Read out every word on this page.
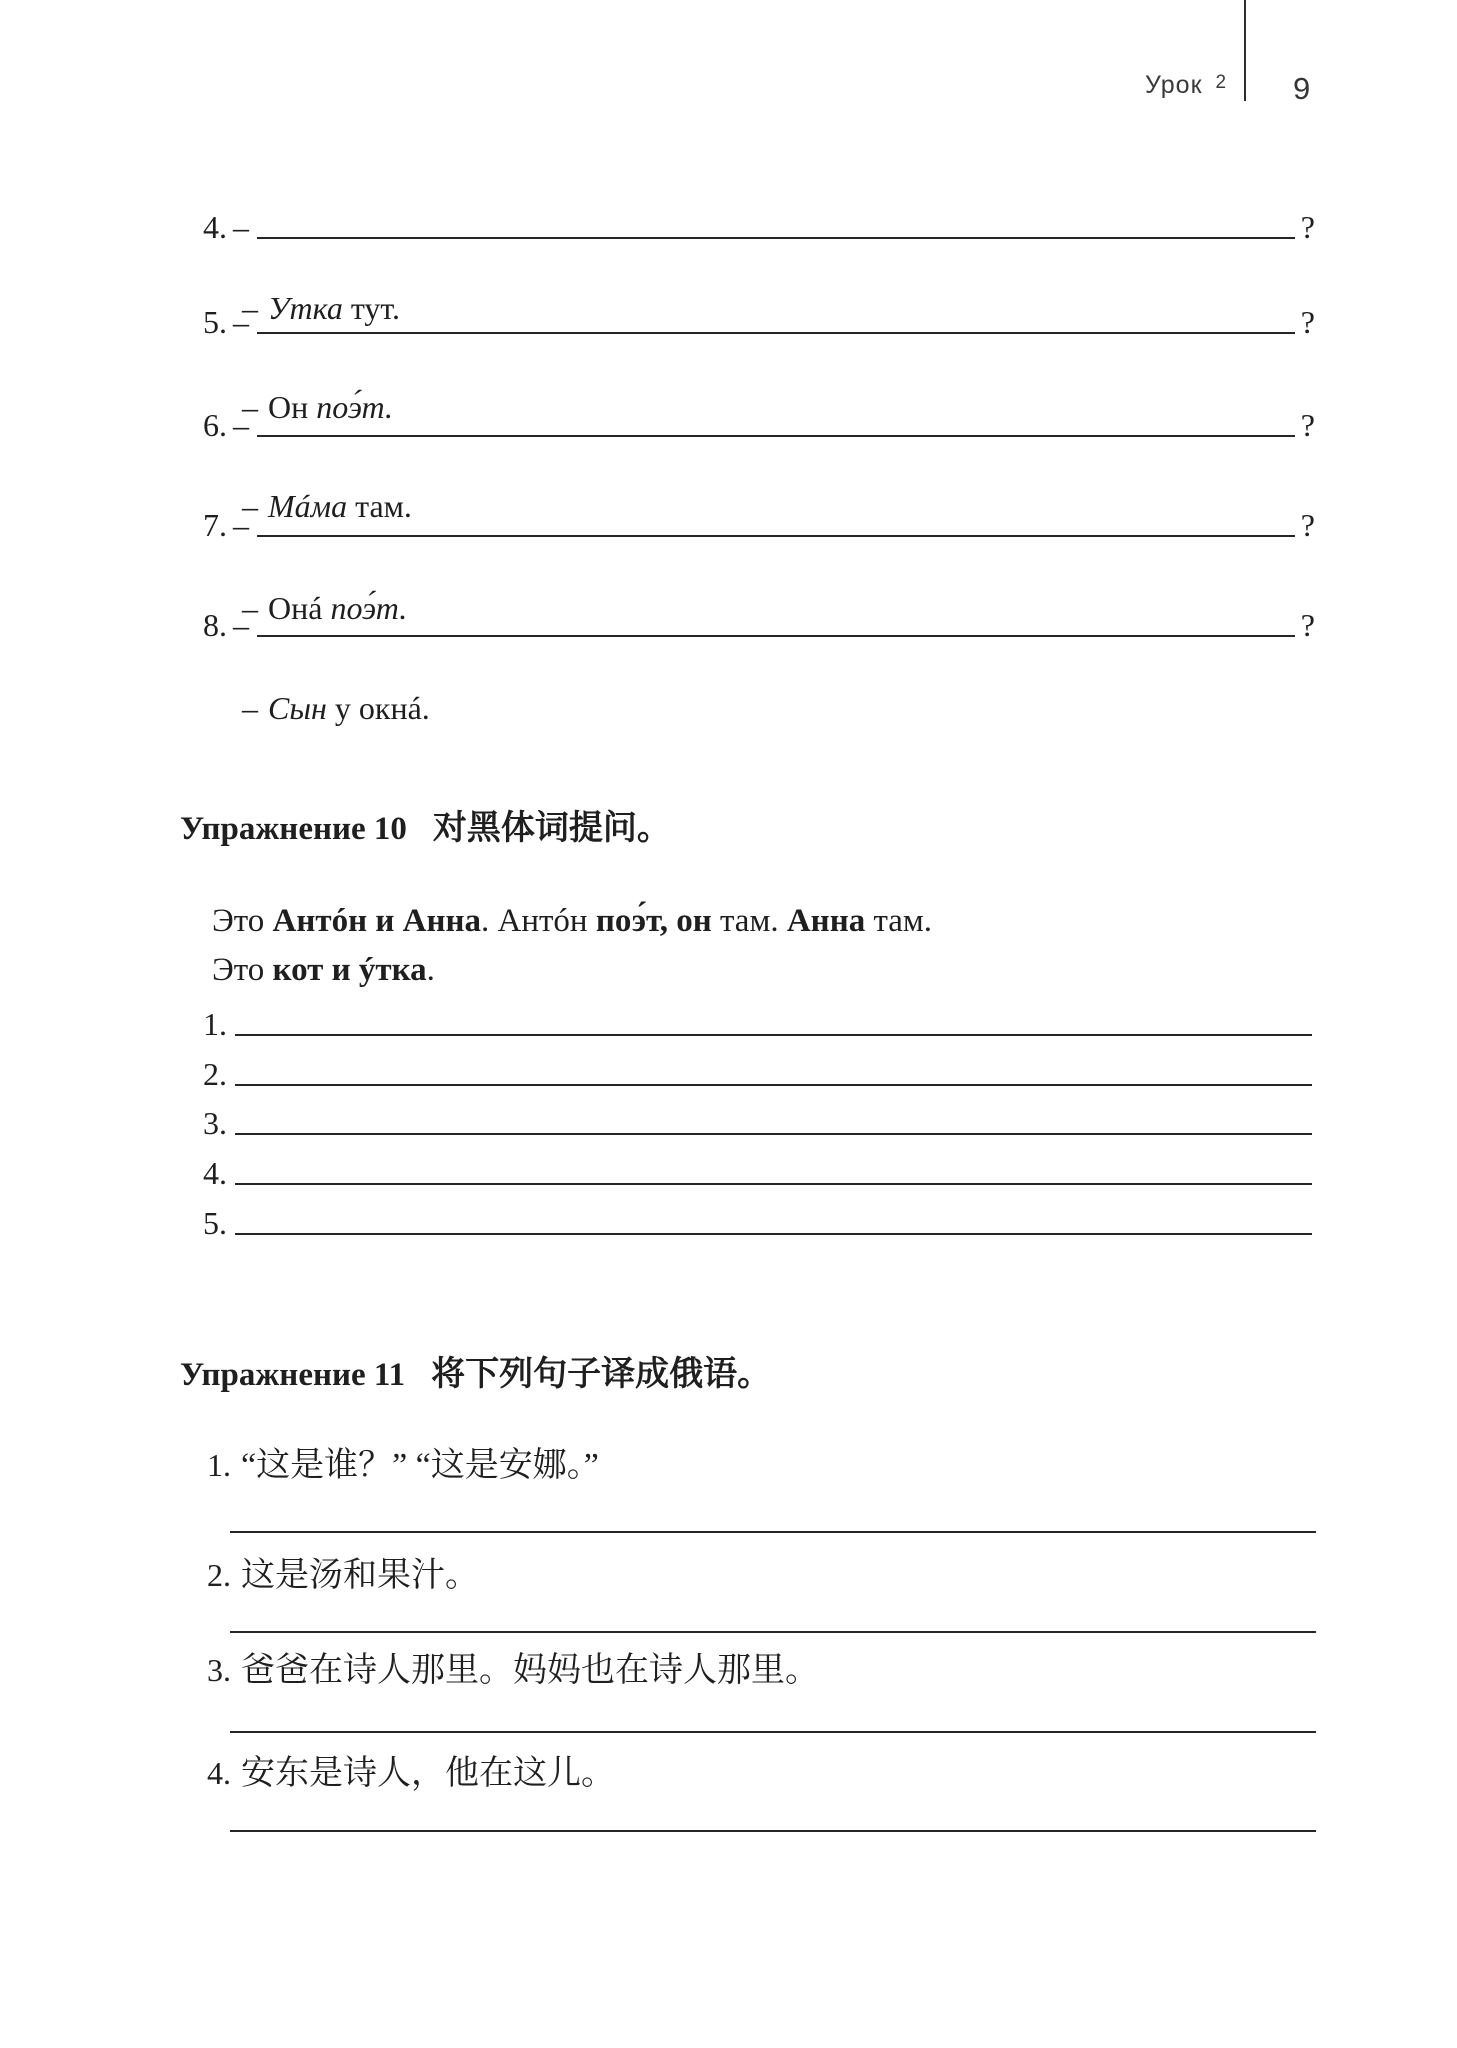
Урок 2 9
4. –	?

– Утка тут.

5. –	?

– Он поэ́т.

6. –	?

– Мáма там.

7. –	?

– Онá поэ́т.

8. –	?

– Сын у окнá.

Упражнение 10 对黑体词提问。
Это Антóн и Анна. Антóн поэ́т, он там. Анна там.
Это кот и ýтка.
1.
2.
3.
4.
5.
Упражнение 11 将下列句子译成俄语。
1. “这是谁？” “这是安娜。”
2. 这是汤和果汁。
3. 爸爸在诗人那里。妈妈也在诗人那里。
4. 安东是诗人，他在这儿。
